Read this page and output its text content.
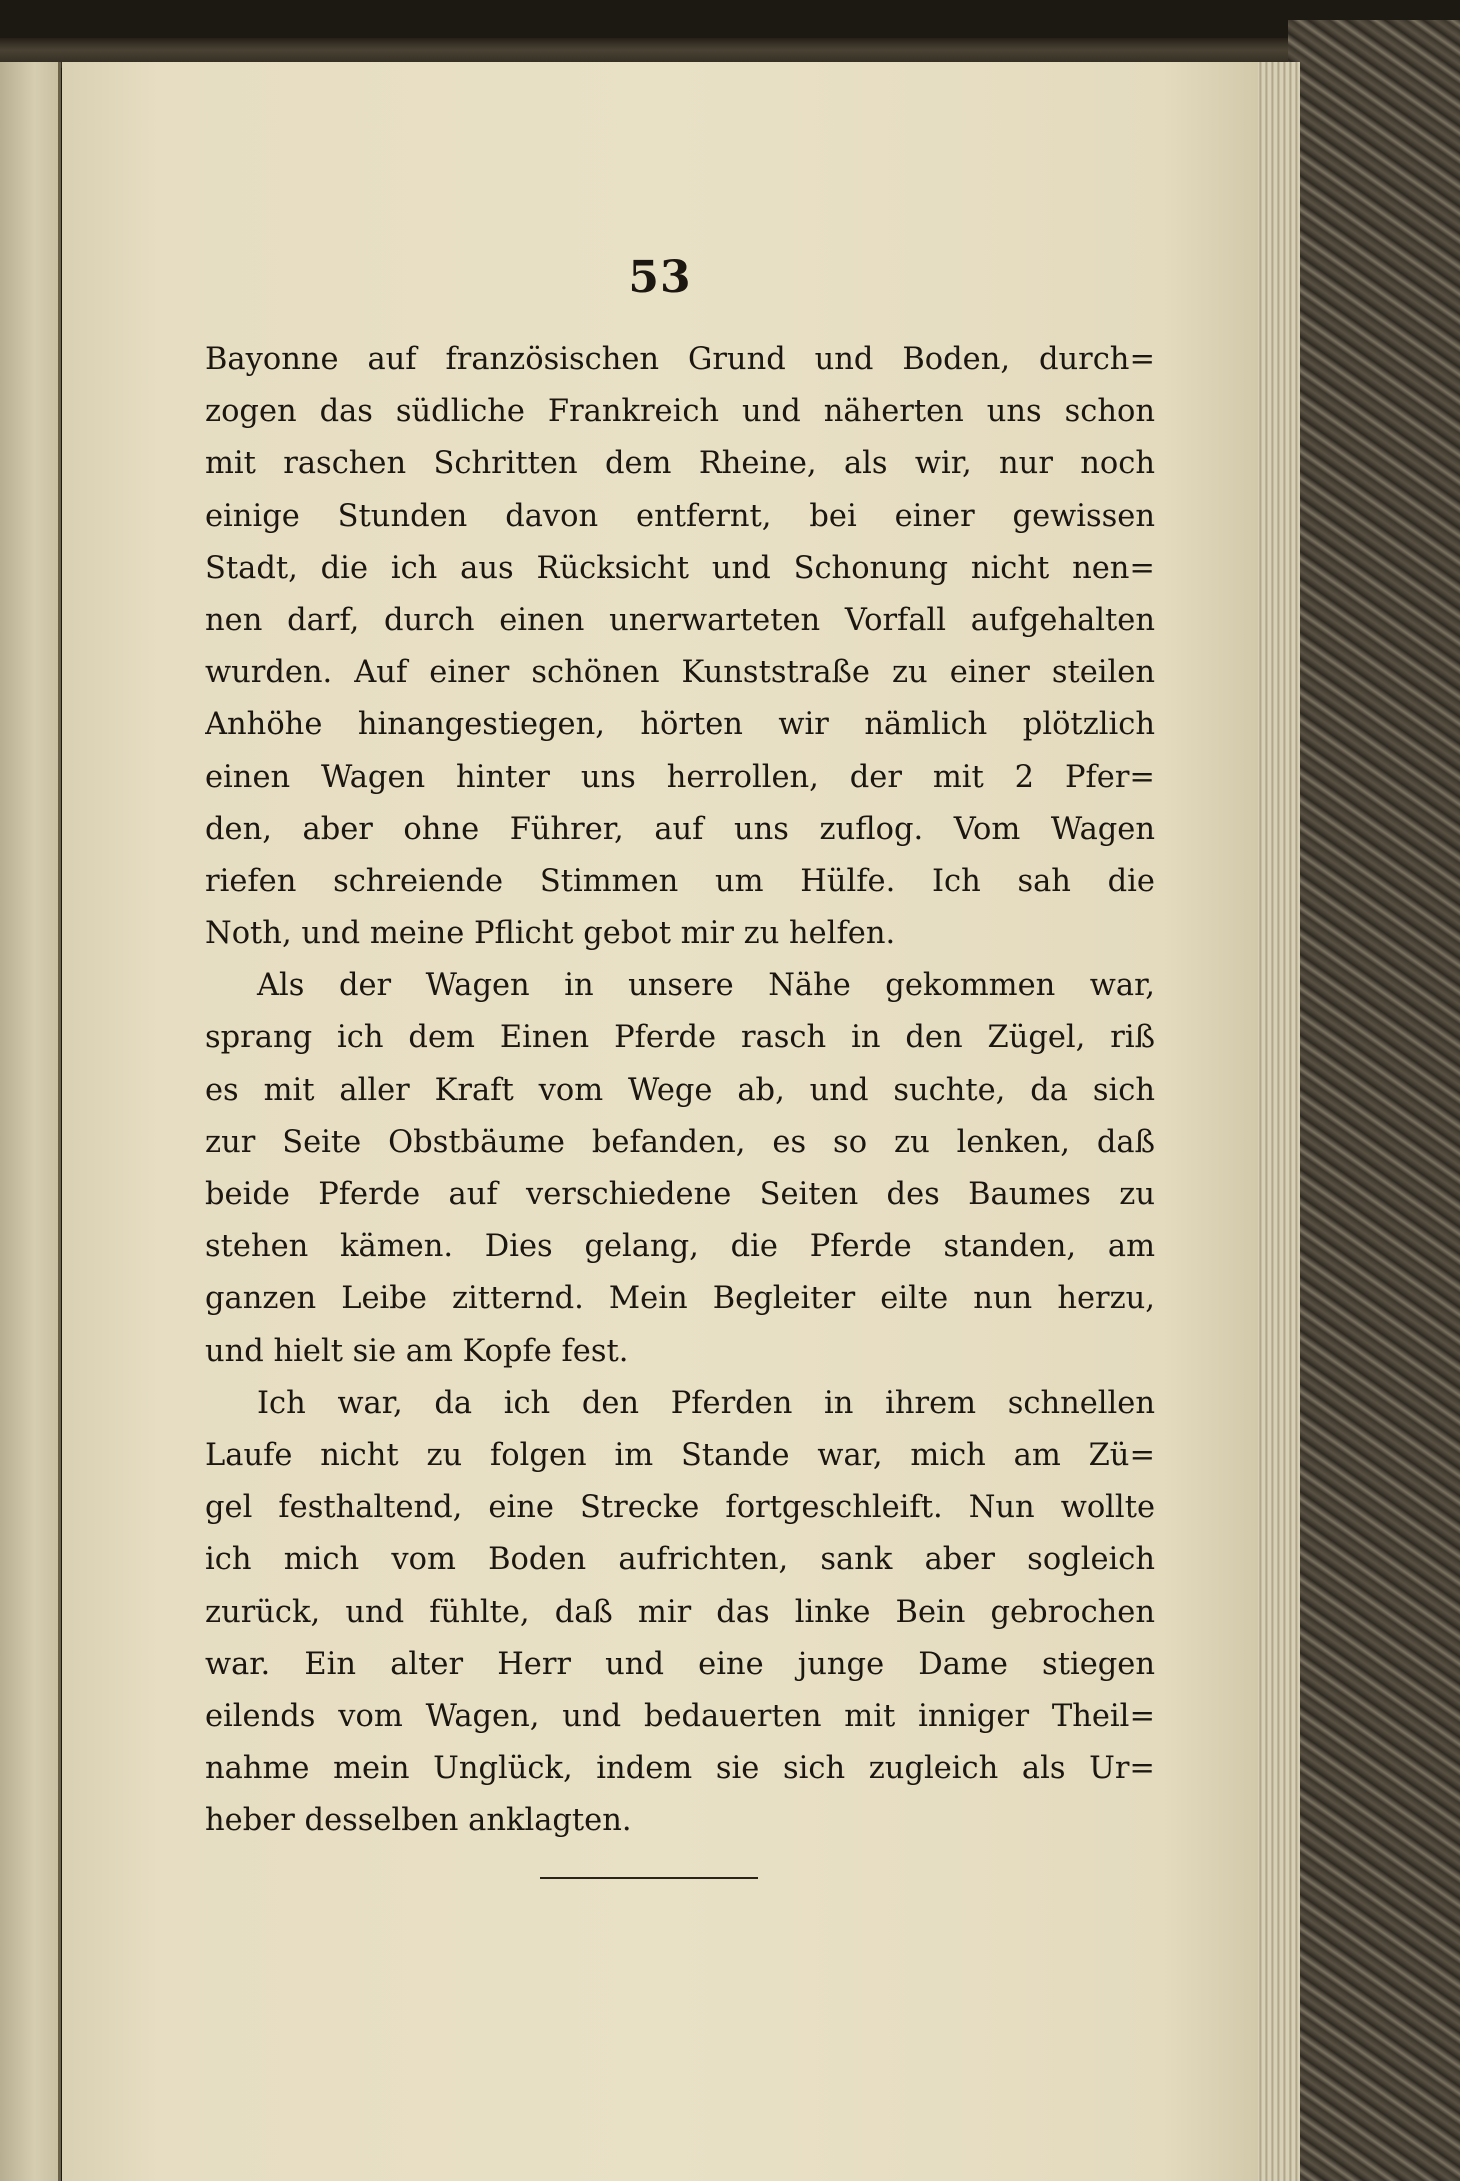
53
Bayonne auf französischen Grund und Boden, durch=
zogen das südliche Frankreich und näherten uns schon
mit raschen Schritten dem Rheine, als wir, nur noch
einige Stunden davon entfernt, bei einer gewissen
Stadt, die ich aus Rücksicht und Schonung nicht nen=
nen darf, durch einen unerwarteten Vorfall aufgehalten
wurden. Auf einer schönen Kunststraße zu einer steilen
Anhöhe hinangestiegen, hörten wir nämlich plötzlich
einen Wagen hinter uns herrollen, der mit 2 Pfer=
den, aber ohne Führer, auf uns zuflog. Vom Wagen
riefen schreiende Stimmen um Hülfe. Ich sah die
Noth, und meine Pflicht gebot mir zu helfen.
Als der Wagen in unsere Nähe gekommen war,
sprang ich dem Einen Pferde rasch in den Zügel, riß
es mit aller Kraft vom Wege ab, und suchte, da sich
zur Seite Obstbäume befanden, es so zu lenken, daß
beide Pferde auf verschiedene Seiten des Baumes zu
stehen kämen. Dies gelang, die Pferde standen, am
ganzen Leibe zitternd. Mein Begleiter eilte nun herzu,
und hielt sie am Kopfe fest.
Ich war, da ich den Pferden in ihrem schnellen
Laufe nicht zu folgen im Stande war, mich am Zü=
gel festhaltend, eine Strecke fortgeschleift. Nun wollte
ich mich vom Boden aufrichten, sank aber sogleich
zurück, und fühlte, daß mir das linke Bein gebrochen
war. Ein alter Herr und eine junge Dame stiegen
eilends vom Wagen, und bedauerten mit inniger Theil=
nahme mein Unglück, indem sie sich zugleich als Ur=
heber desselben anklagten.
